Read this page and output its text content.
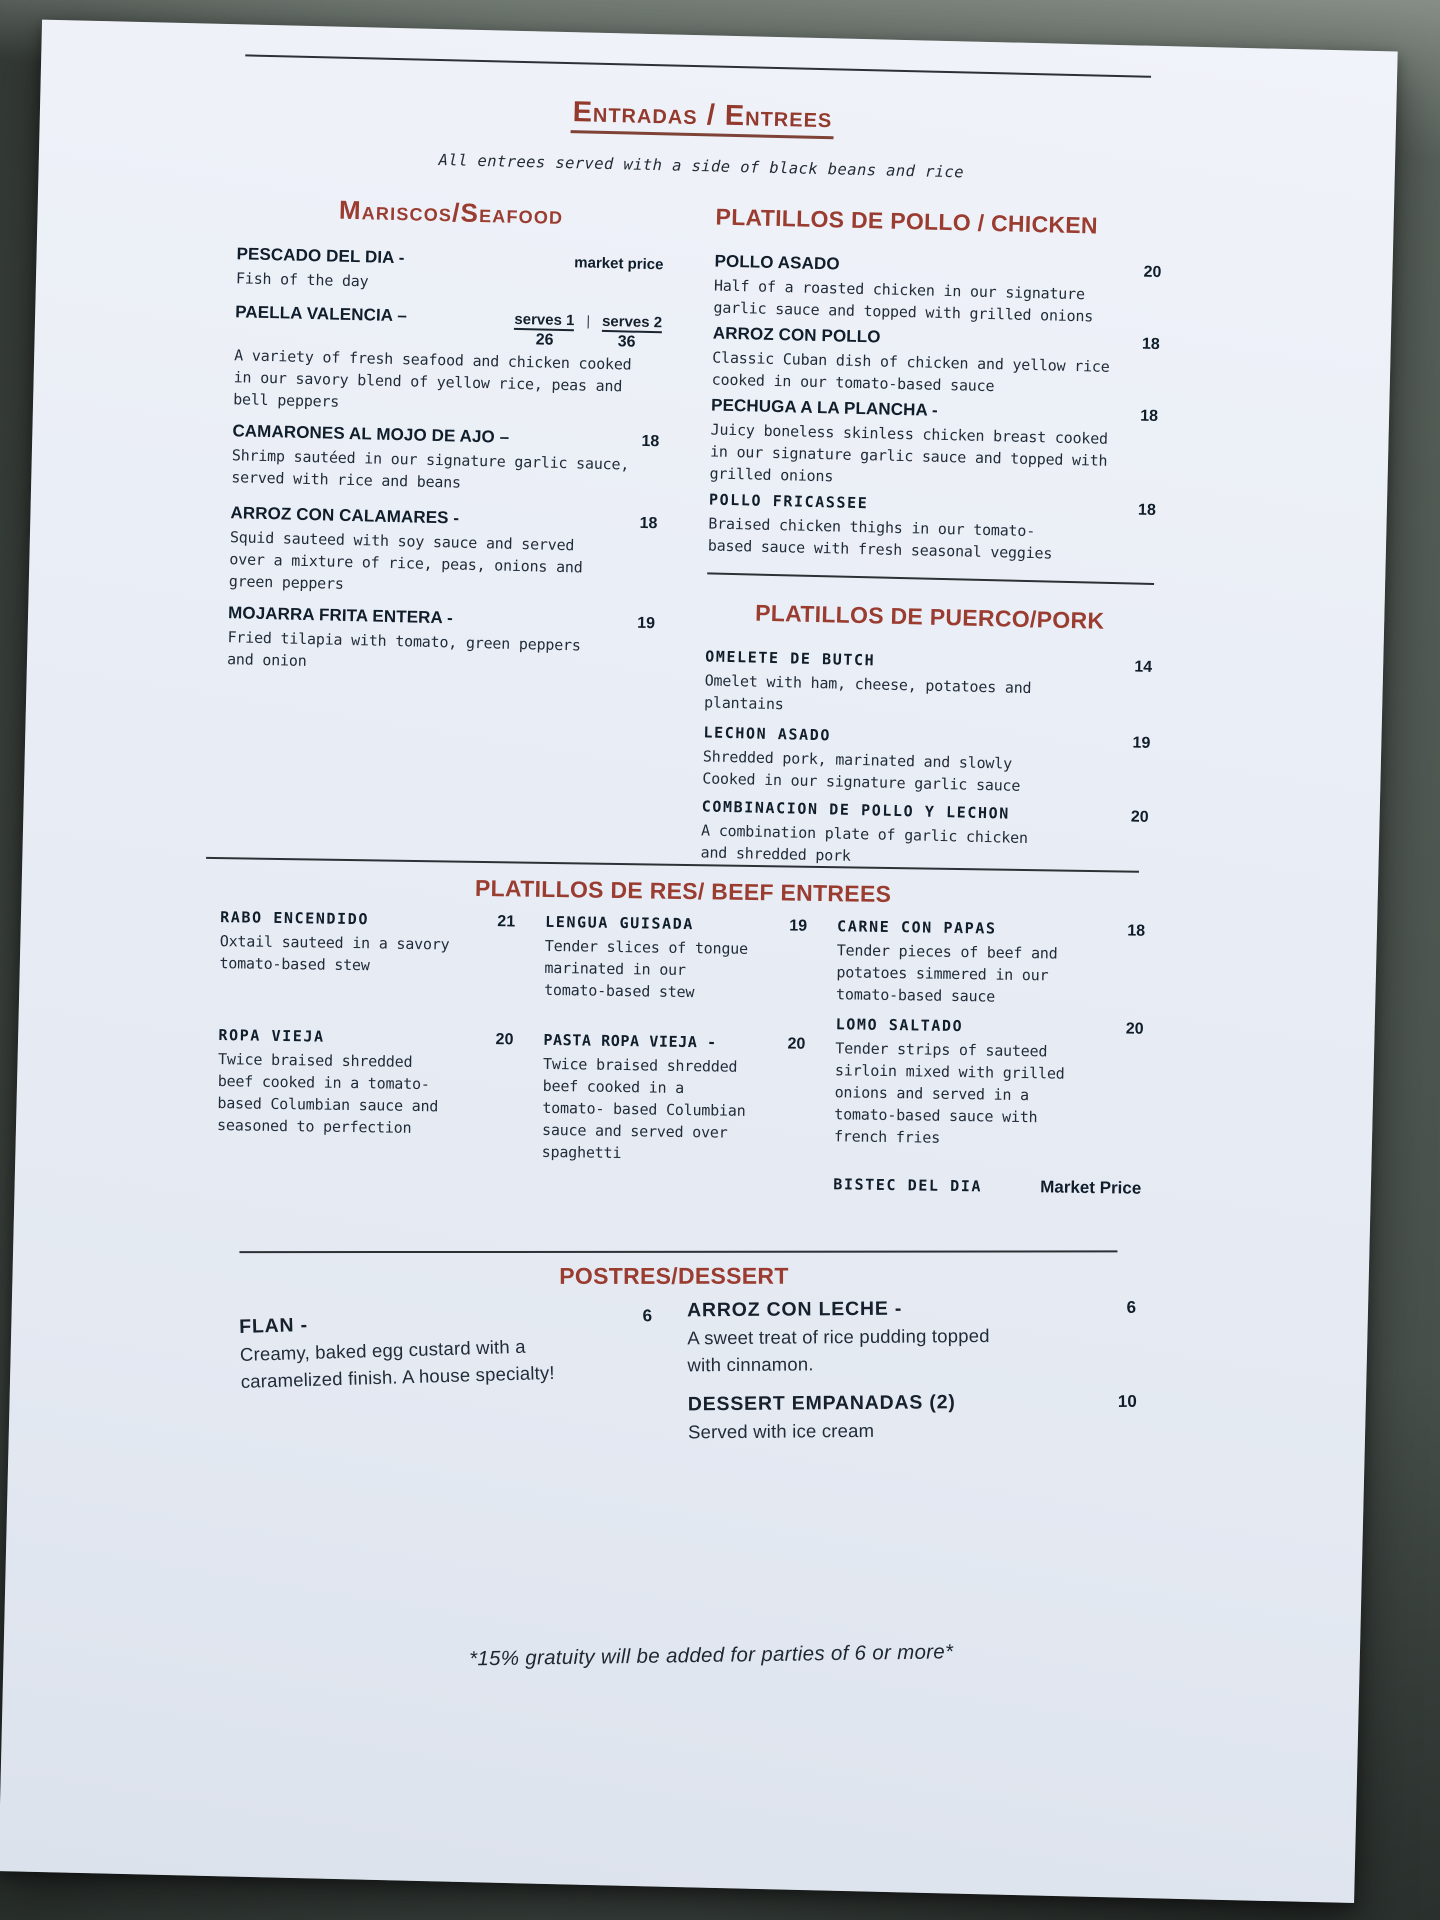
Entradas / Entrees
All entrees served with a side of black beans and rice
Mariscos/Seafood
PESCADO DEL DIA -	market price
Fish of the day
PAELLA VALENCIA –	serves 1 | serves 2
26	36
A variety of fresh seafood and chicken cooked
in our savory blend of yellow rice, peas and
bell peppers
CAMARONES AL MOJO DE AJO –	18
Shrimp sautéed in our signature garlic sauce,
served with rice and beans
ARROZ CON CALAMARES -	18
Squid sauteed with soy sauce and served
over a mixture of rice, peas, onions and
green peppers
MOJARRA FRITA ENTERA -	19
Fried tilapia with tomato, green peppers
and onion
PLATILLOS DE POLLO / CHICKEN
POLLO ASADO	20
Half of a roasted chicken in our signature
garlic sauce and topped with grilled onions
ARROZ CON POLLO	18
Classic Cuban dish of chicken and yellow rice
cooked in our tomato-based sauce
PECHUGA A LA PLANCHA -	18
Juicy boneless skinless chicken breast cooked
in our signature garlic sauce and topped with
grilled onions
POLLO FRICASSEE	18
Braised chicken thighs in our tomato-
based sauce with fresh seasonal veggies
PLATILLOS DE PUERCO/PORK
OMELETE DE BUTCH	14
Omelet with ham, cheese, potatoes and
plantains
LECHON ASADO	19
Shredded pork, marinated and slowly
Cooked in our signature garlic sauce
COMBINACION DE POLLO Y LECHON	20
A combination plate of garlic chicken
and shredded pork
PLATILLOS DE RES/ BEEF ENTREES
RABO ENCENDIDO	21
Oxtail sauteed in a savory
tomato-based stew
ROPA VIEJA	20
Twice braised shredded
beef cooked in a tomato-
based Columbian sauce and
seasoned to perfection
LENGUA GUISADA	19
Tender slices of tongue
marinated in our
tomato-based stew
PASTA ROPA VIEJA -	20
Twice braised shredded
beef cooked in a
tomato- based Columbian
sauce and served over
spaghetti
CARNE CON PAPAS	18
Tender pieces of beef and
potatoes simmered in our
tomato-based sauce
LOMO SALTADO	20
Tender strips of sauteed
sirloin mixed with grilled
onions and served in a
tomato-based sauce with
french fries
BISTEC DEL DIA	Market Price
POSTRES/DESSERT
FLAN -	6
Creamy, baked egg custard with a
caramelized finish. A house specialty!
ARROZ CON LECHE -	6
A sweet treat of rice pudding topped
with cinnamon.
DESSERT EMPANADAS (2)	10
Served with ice cream
*15% gratuity will be added for parties of 6 or more*
